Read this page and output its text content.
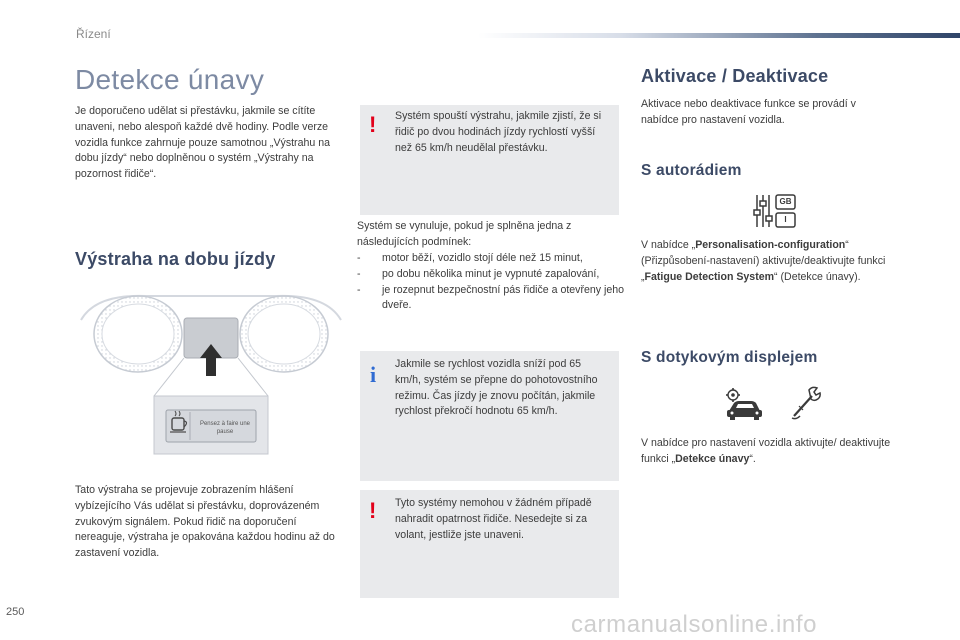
Řízení
Detekce únavy

Je doporučeno udělat si přestávku, jakmile se cítíte unaveni, nebo alespoň každé dvě hodiny. Podle verze vozidla funkce zahrnuje pouze samotnou „Výstrahu na dobu jízdy“ nebo doplněnou o systém „Výstrahy na pozornost řidiče“.

Výstraha na dobu jízdy
Pensez à faire une pause

Tato výstraha se projevuje zobrazením hlášení vybízejícího Vás udělat si přestávku, doprovázeném zvukovým signálem. Pokud řidič na doporučení nereaguje, výstraha je opakována každou hodinu až do zastavení vozidla.

! Systém spouští výstrahu, jakmile zjistí, že si řidič po dvou hodinách jízdy rychlostí vyšší než 65 km/h neudělal přestávku.

Systém se vynuluje, pokud je splněna jedna z následujících podmínek:

- motor běží, vozidlo stojí déle než 15 minut,
- po dobu několika minut je vypnuté zapalování,
- je rozepnut bezpečnostní pás řidiče a otevřeny jeho dveře.
i Jakmile se rychlost vozidla sníží pod 65 km/h, systém se přepne do pohotovostního režimu. Čas jízdy je znovu počítán, jakmile rychlost překročí hodnotu 65 km/h.

! Tyto systémy nemohou v žádném případě nahradit opatrnost řidiče. Nesedejte si za volant, jestliže jste unaveni.

Aktivace / Deaktivace

Aktivace nebo deaktivace funkce se provádí v nabídce pro nastavení vozidla.

S autorádiem
GB
I

V nabídce „Personalisation-configuration“ (Přizpůsobení-nastavení) aktivujte/deaktivujte funkci „Fatigue Detection System“ (Detekce únavy).

S dotykovým displejem

V nabídce pro nastavení vozidla aktivujte/ deaktivujte funkci „Detekce únavy“.

250	carmanualsonline.info
